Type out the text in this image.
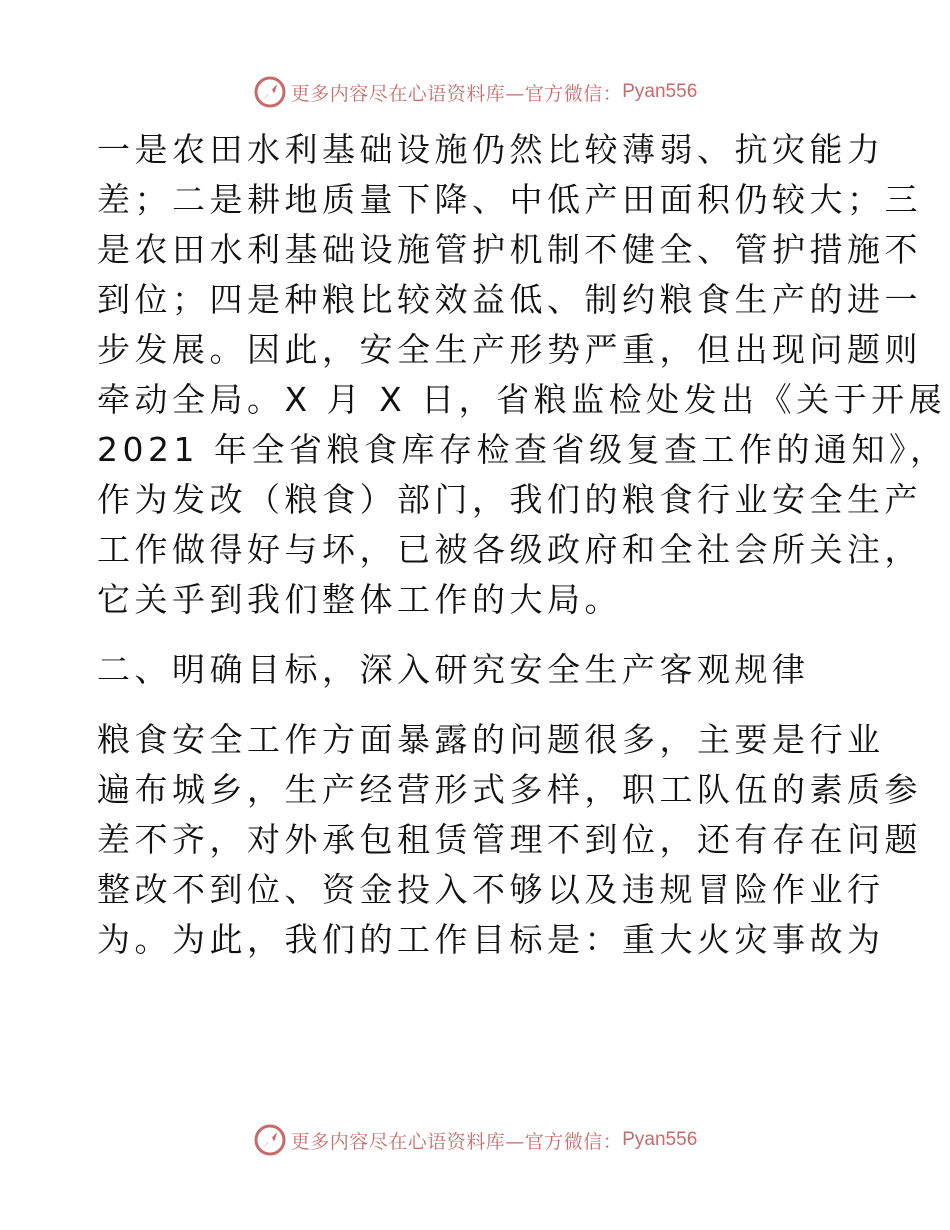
更多内容尽在心语资料库—官方微信： Pyan556
一是农田水利基础设施仍然比较薄弱、抗灾能力
差；二是耕地质量下降、中低产田面积仍较大；三
是农田水利基础设施管护机制不健全、管护措施不
到位；四是种粮比较效益低、制约粮食生产的进一
步发展。因此，安全生产形势严重，但出现问题则
牵动全局。X 月 X 日，省粮监检处发出《关于开展
2021 年全省粮食库存检查省级复查工作的通知》，
作为发改（粮食）部门，我们的粮食行业安全生产
工作做得好与坏，已被各级政府和全社会所关注，
它关乎到我们整体工作的大局。
二、明确目标，深入研究安全生产客观规律
粮食安全工作方面暴露的问题很多，主要是行业
遍布城乡，生产经营形式多样，职工队伍的素质参
差不齐，对外承包租赁管理不到位，还有存在问题
整改不到位、资金投入不够以及违规冒险作业行
为。为此，我们的工作目标是：重大火灾事故为
更多内容尽在心语资料库—官方微信： Pyan556
